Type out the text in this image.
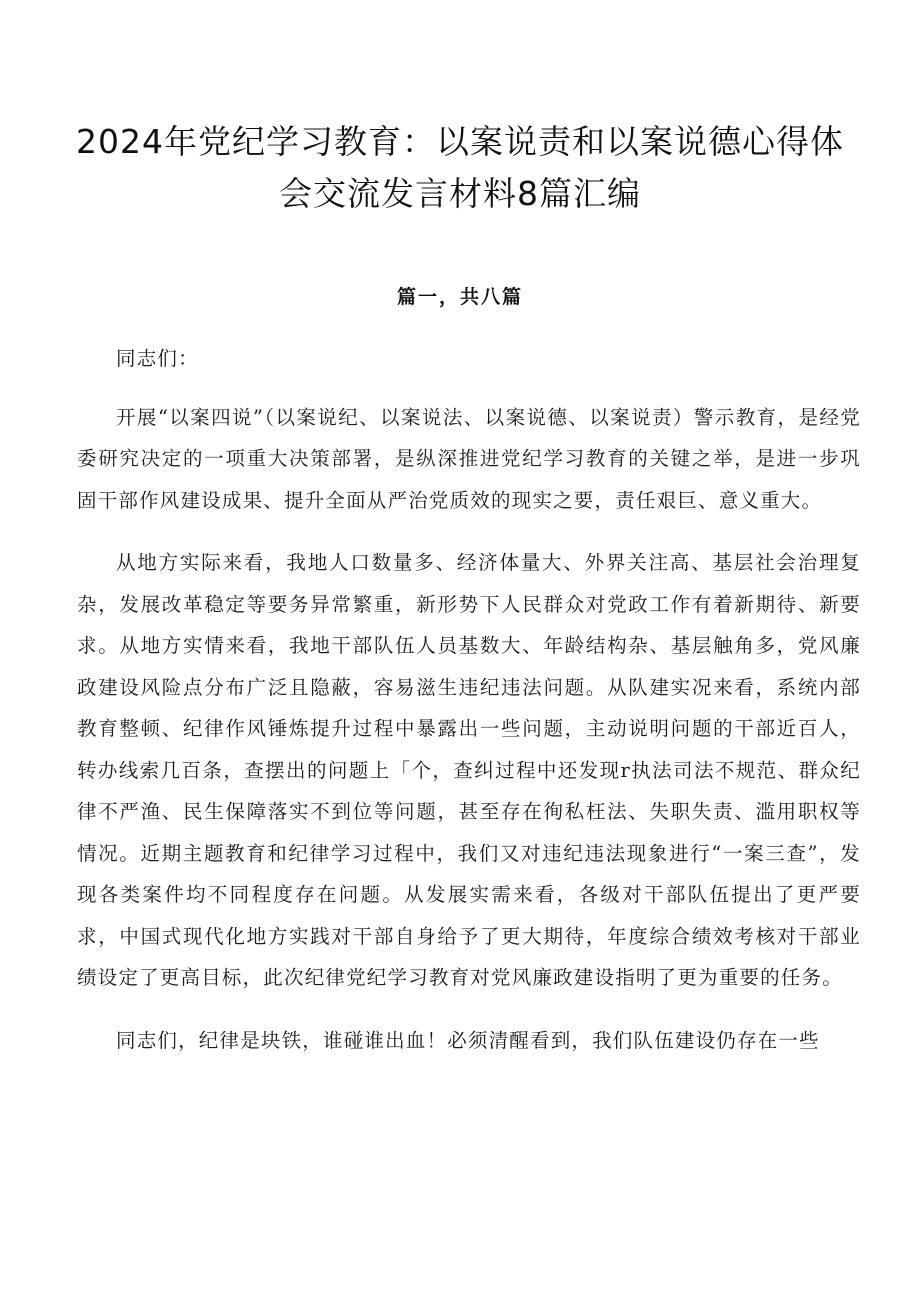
2024年党纪学习教育：以案说责和以案说德心得体会交流发言材料8篇汇编
篇一，共八篇

同志们：

开展“以案四说”（以案说纪、以案说法、以案说德、以案说责）警示教育，是经党委研究决定的一项重大决策部署，是纵深推进党纪学习教育的关键之举，是进一步巩固干部作风建设成果、提升全面从严治党质效的现实之要，责任艰巨、意义重大。

从地方实际来看，我地人口数量多、经济体量大、外界关注高、基层社会治理复杂，发展改革稳定等要务异常繁重，新形势下人民群众对党政工作有着新期待、新要求。从地方实情来看，我地干部队伍人员基数大、年龄结构杂、基层触角多，党风廉政建设风险点分布广泛且隐蔽，容易滋生违纪违法问题。从队建实况来看，系统内部教育整顿、纪律作风锤炼提升过程中暴露出一些问题，主动说明问题的干部近百人，转办线索几百条，查摆出的问题上「个，查纠过程中还发现r执法司法不规范、群众纪律不严渔、民生保障落实不到位等问题，甚至存在徇私枉法、失职失责、滥用职权等情况。近期主题教育和纪律学习过程中，我们又对违纪违法现象进行“一案三查”，发现各类案件均不同程度存在问题。从发展实需来看，各级对干部队伍提出了更严要求，中国式现代化地方实践对干部自身给予了更大期待，年度综合绩效考核对干部业绩设定了更高目标，此次纪律党纪学习教育对党风廉政建设指明了更为重要的任务。

同志们，纪律是块铁，谁碰谁出血！必须清醒看到，我们队伍建设仍存在一些
